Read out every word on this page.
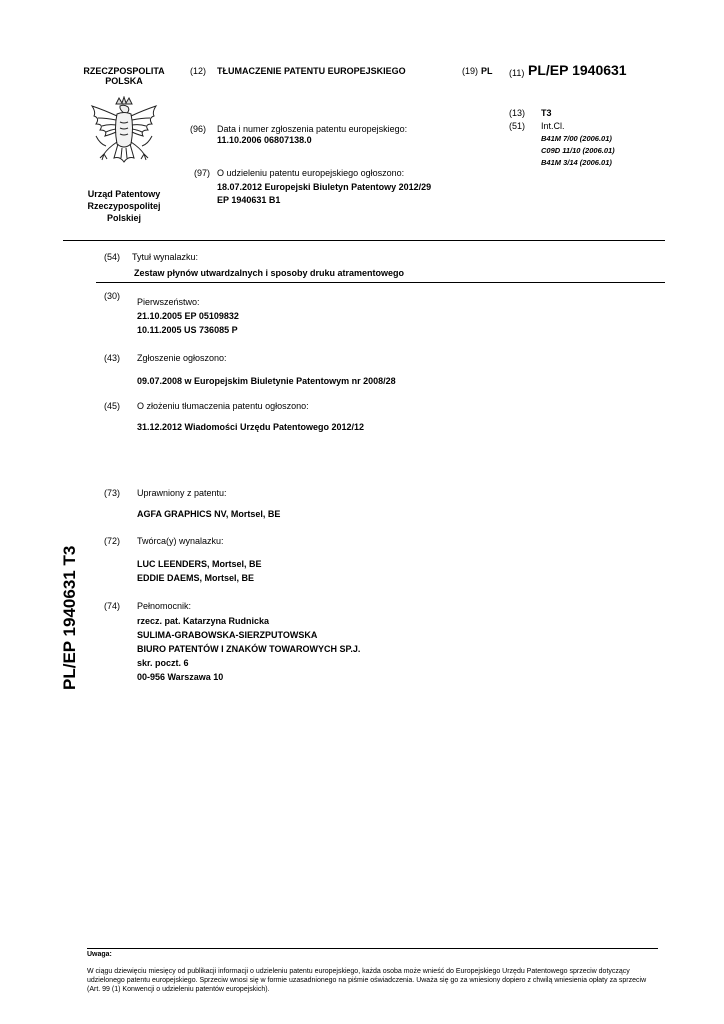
RZECZPOSPOLITA
POLSKA
Urząd Patentowy
Rzeczypospolitej
Polskiej
(12) TŁUMACZENIE PATENTU EUROPEJSKIEGO
(96) Data i numer zgłoszenia patentu europejskiego:
11.10.2006 06807138.0
(97) O udzieleniu patentu europejskiego ogłoszono:
18.07.2012 Europejski Biuletyn Patentowy 2012/29
EP 1940631 B1
(19) PL (11) PL/EP 1940631
(13) T3
(51) Int.Cl.
B41M 7/00 (2006.01)
C09D 11/10 (2006.01)
B41M 3/14 (2006.01)
(54) Tytuł wynalazku:
Zestaw płynów utwardzalnych i sposoby druku atramentowego
(30)
Pierwszeństwo:
21.10.2005 EP 05109832
10.11.2005 US 736085 P
(43) Zgłoszenie ogłoszono:
09.07.2008 w Europejskim Biuletynie Patentowym nr 2008/28
(45) O złożeniu tłumaczenia patentu ogłoszono:
31.12.2012 Wiadomości Urzędu Patentowego 2012/12
(73) Uprawniony z patentu:
AGFA GRAPHICS NV, Mortsel, BE
(72) Twórca(y) wynalazku:
LUC LEENDERS, Mortsel, BE
EDDIE DAEMS, Mortsel, BE
(74) Pełnomocnik:
rzecz. pat. Katarzyna Rudnicka
SULIMA-GRABOWSKA-SIERZPUTOWSKA
BIURO PATENTÓW I ZNAKÓW TOWAROWYCH SP.J.
skr. poczt. 6
00-956 Warszawa 10
PL/EP 1940631 T3
Uwaga:
W ciągu dziewięciu miesięcy od publikacji informacji o udzieleniu patentu europejskiego, każda osoba może wnieść do Europejskiego Urzędu Patentowego sprzeciw dotyczący udzielonego patentu europejskiego. Sprzeciw wnosi się w formie uzasadnionego na piśmie oświadczenia. Uważa się go za wniesiony dopiero z chwilą wniesienia opłaty za sprzeciw (Art. 99 (1) Konwencji o udzieleniu patentów europejskich).
